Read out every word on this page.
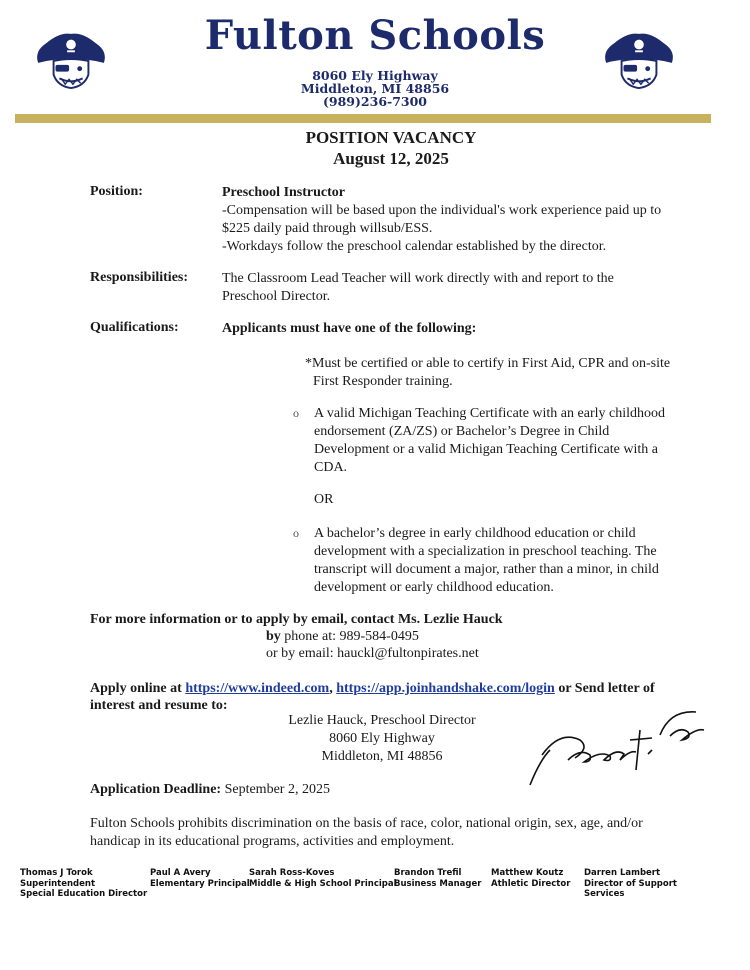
Fulton Schools
8060 Ely Highway
Middleton, MI 48856
(989)236-7300
POSITION VACANCY
August 12, 2025
Position:	Preschool Instructor
-Compensation will be based upon the individual's work experience paid up to
$225 daily paid through willsub/ESS.
-Workdays follow the preschool calendar established by the director.
Responsibilities: The Classroom Lead Teacher will work directly with and report to the
Preschool Director.
Qualifications:	Applicants must have one of the following:
*Must be certified or able to certify in First Aid, CPR and on-site
First Responder training.
o A valid Michigan Teaching Certificate with an early childhood
endorsement (ZA/ZS) or Bachelor’s Degree in Child
Development or a valid Michigan Teaching Certificate with a
CDA.
OR
o A bachelor’s degree in early childhood education or child
development with a specialization in preschool teaching. The
transcript will document a major, rather than a minor, in child
development or early childhood education.
For more information or to apply by email, contact Ms. Lezlie Hauck
by phone at: 989-584-0495
or by email: hauckl@fultonpirates.net
Apply online at https://www.indeed.com, https://app.joinhandshake.com/login or Send letter of
interest and resume to:
Lezlie Hauck, Preschool Director
8060 Ely Highway
Middleton, MI 48856
Application Deadline: September 2, 2025
Fulton Schools prohibits discrimination on the basis of race, color, national origin, sex, age, and/or
handicap in its educational programs, activities and employment.
Thomas J Torok
Superintendent
Special Education Director
Paul A Avery
Elementary Principal
Sarah Ross-Koves
Middle & High School Principal
Brandon Trefil
Business Manager
Matthew Koutz
Athletic Director
Darren Lambert
Director of Support
Services
